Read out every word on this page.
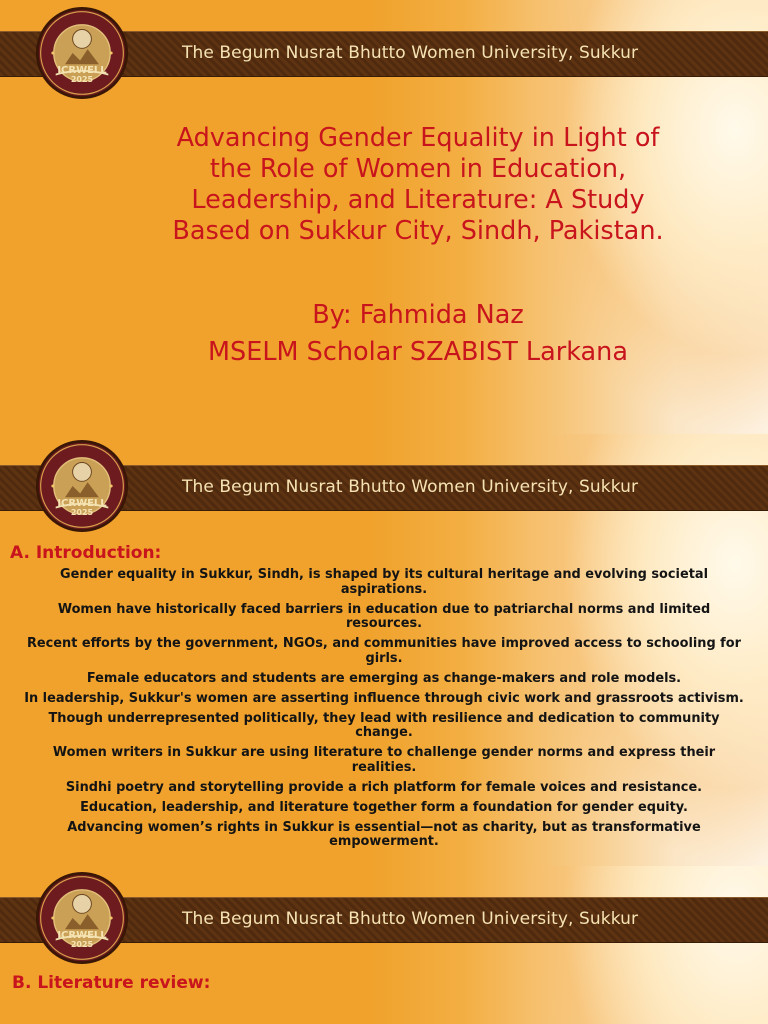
The Begum Nusrat Bhutto Women University, Sukkur
ICRWELL
2025
Advancing Gender Equality in Light of
the Role of Women in Education,
Leadership, and Literature: A Study
Based on Sukkur City, Sindh, Pakistan.
By: Fahmida Naz
MSELM Scholar SZABIST Larkana
The Begum Nusrat Bhutto Women University, Sukkur
ICRWELL
2025
A. Introduction:
Gender equality in Sukkur, Sindh, is shaped by its cultural heritage and evolving societal aspirations.
Women have historically faced barriers in education due to patriarchal norms and limited resources.
Recent efforts by the government, NGOs, and communities have improved access to schooling for girls.
Female educators and students are emerging as change-makers and role models.
In leadership, Sukkur's women are asserting influence through civic work and grassroots activism.
Though underrepresented politically, they lead with resilience and dedication to community change.
Women writers in Sukkur are using literature to challenge gender norms and express their realities.
Sindhi poetry and storytelling provide a rich platform for female voices and resistance.
Education, leadership, and literature together form a foundation for gender equity.
Advancing women’s rights in Sukkur is essential—not as charity, but as transformative empowerment.
The Begum Nusrat Bhutto Women University, Sukkur
ICRWELL
2025
B. Literature review:
